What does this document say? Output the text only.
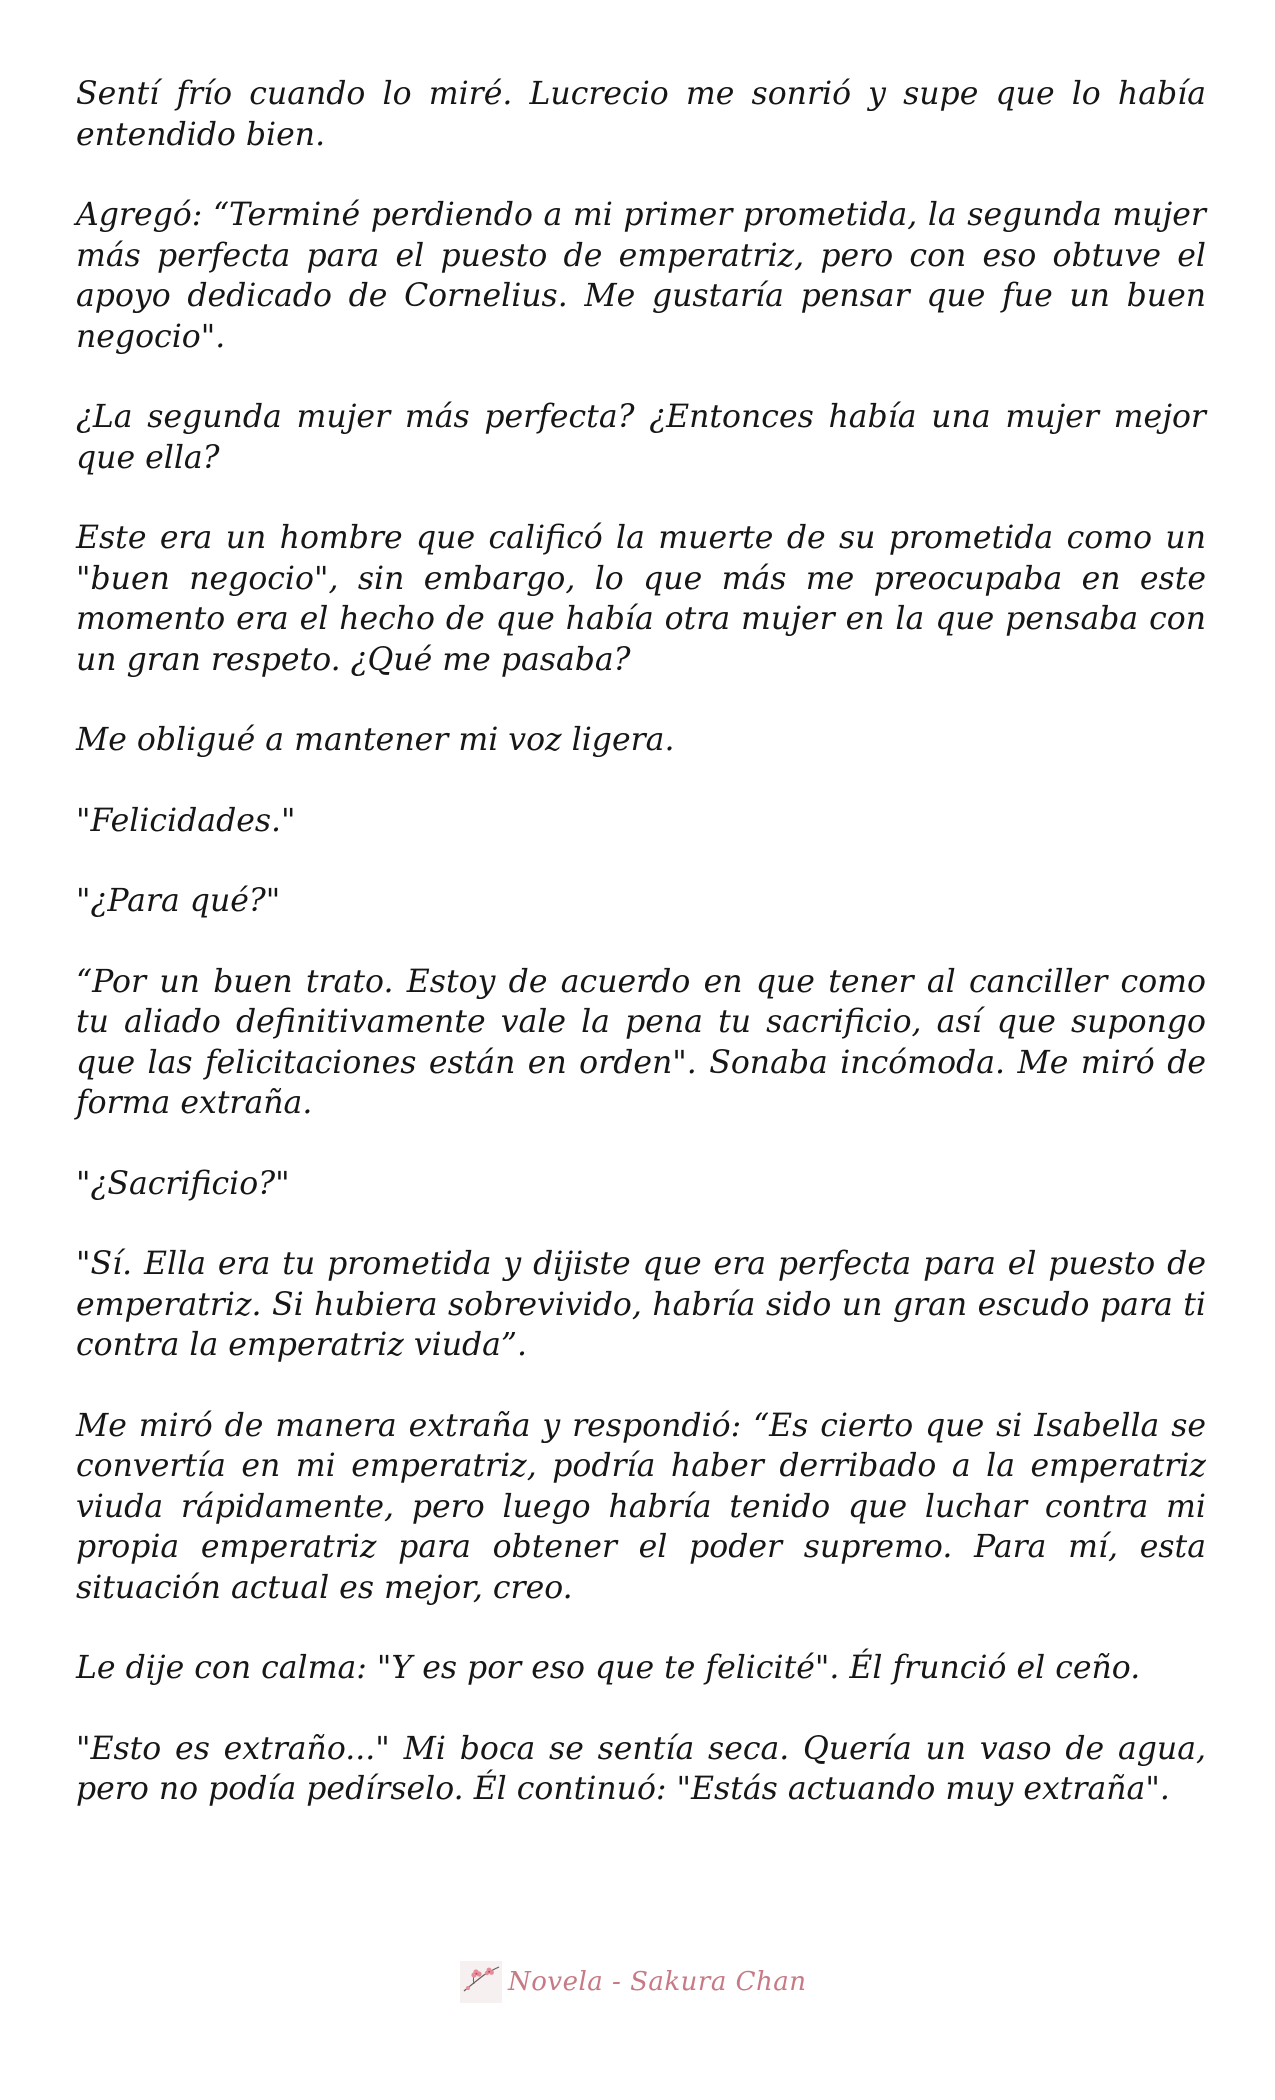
Sentí frío cuando lo miré. Lucrecio me sonrió y supe que lo había entendido bien.

Agregó: “Terminé perdiendo a mi primer prometida, la segunda mujer más perfecta para el puesto de emperatriz, pero con eso obtuve el apoyo dedicado de Cornelius. Me gustaría pensar que fue un buen negocio".

¿La segunda mujer más perfecta? ¿Entonces había una mujer mejor que ella?

Este era un hombre que calificó la muerte de su prometida como un "buen negocio", sin embargo, lo que más me preocupaba en este momento era el hecho de que había otra mujer en la que pensaba con un gran respeto. ¿Qué me pasaba?

Me obligué a mantener mi voz ligera.

"Felicidades."

"¿Para qué?"

“Por un buen trato. Estoy de acuerdo en que tener al canciller como tu aliado definitivamente vale la pena tu sacrificio, así que supongo que las felicitaciones están en orden". Sonaba incómoda. Me miró de forma extraña.

"¿Sacrificio?"

"Sí. Ella era tu prometida y dijiste que era perfecta para el puesto de emperatriz. Si hubiera sobrevivido, habría sido un gran escudo para ti contra la emperatriz viuda”.

Me miró de manera extraña y respondió: “Es cierto que si Isabella se convertía en mi emperatriz, podría haber derribado a la emperatriz viuda rápidamente, pero luego habría tenido que luchar contra mi propia emperatriz para obtener el poder supremo. Para mí, esta situación actual es mejor, creo.

Le dije con calma: "Y es por eso que te felicité". Él frunció el ceño.

"Esto es extraño..." Mi boca se sentía seca. Quería un vaso de agua, pero no podía pedírselo. Él continuó: "Estás actuando muy extraña".

Novela - Sakura Chan
